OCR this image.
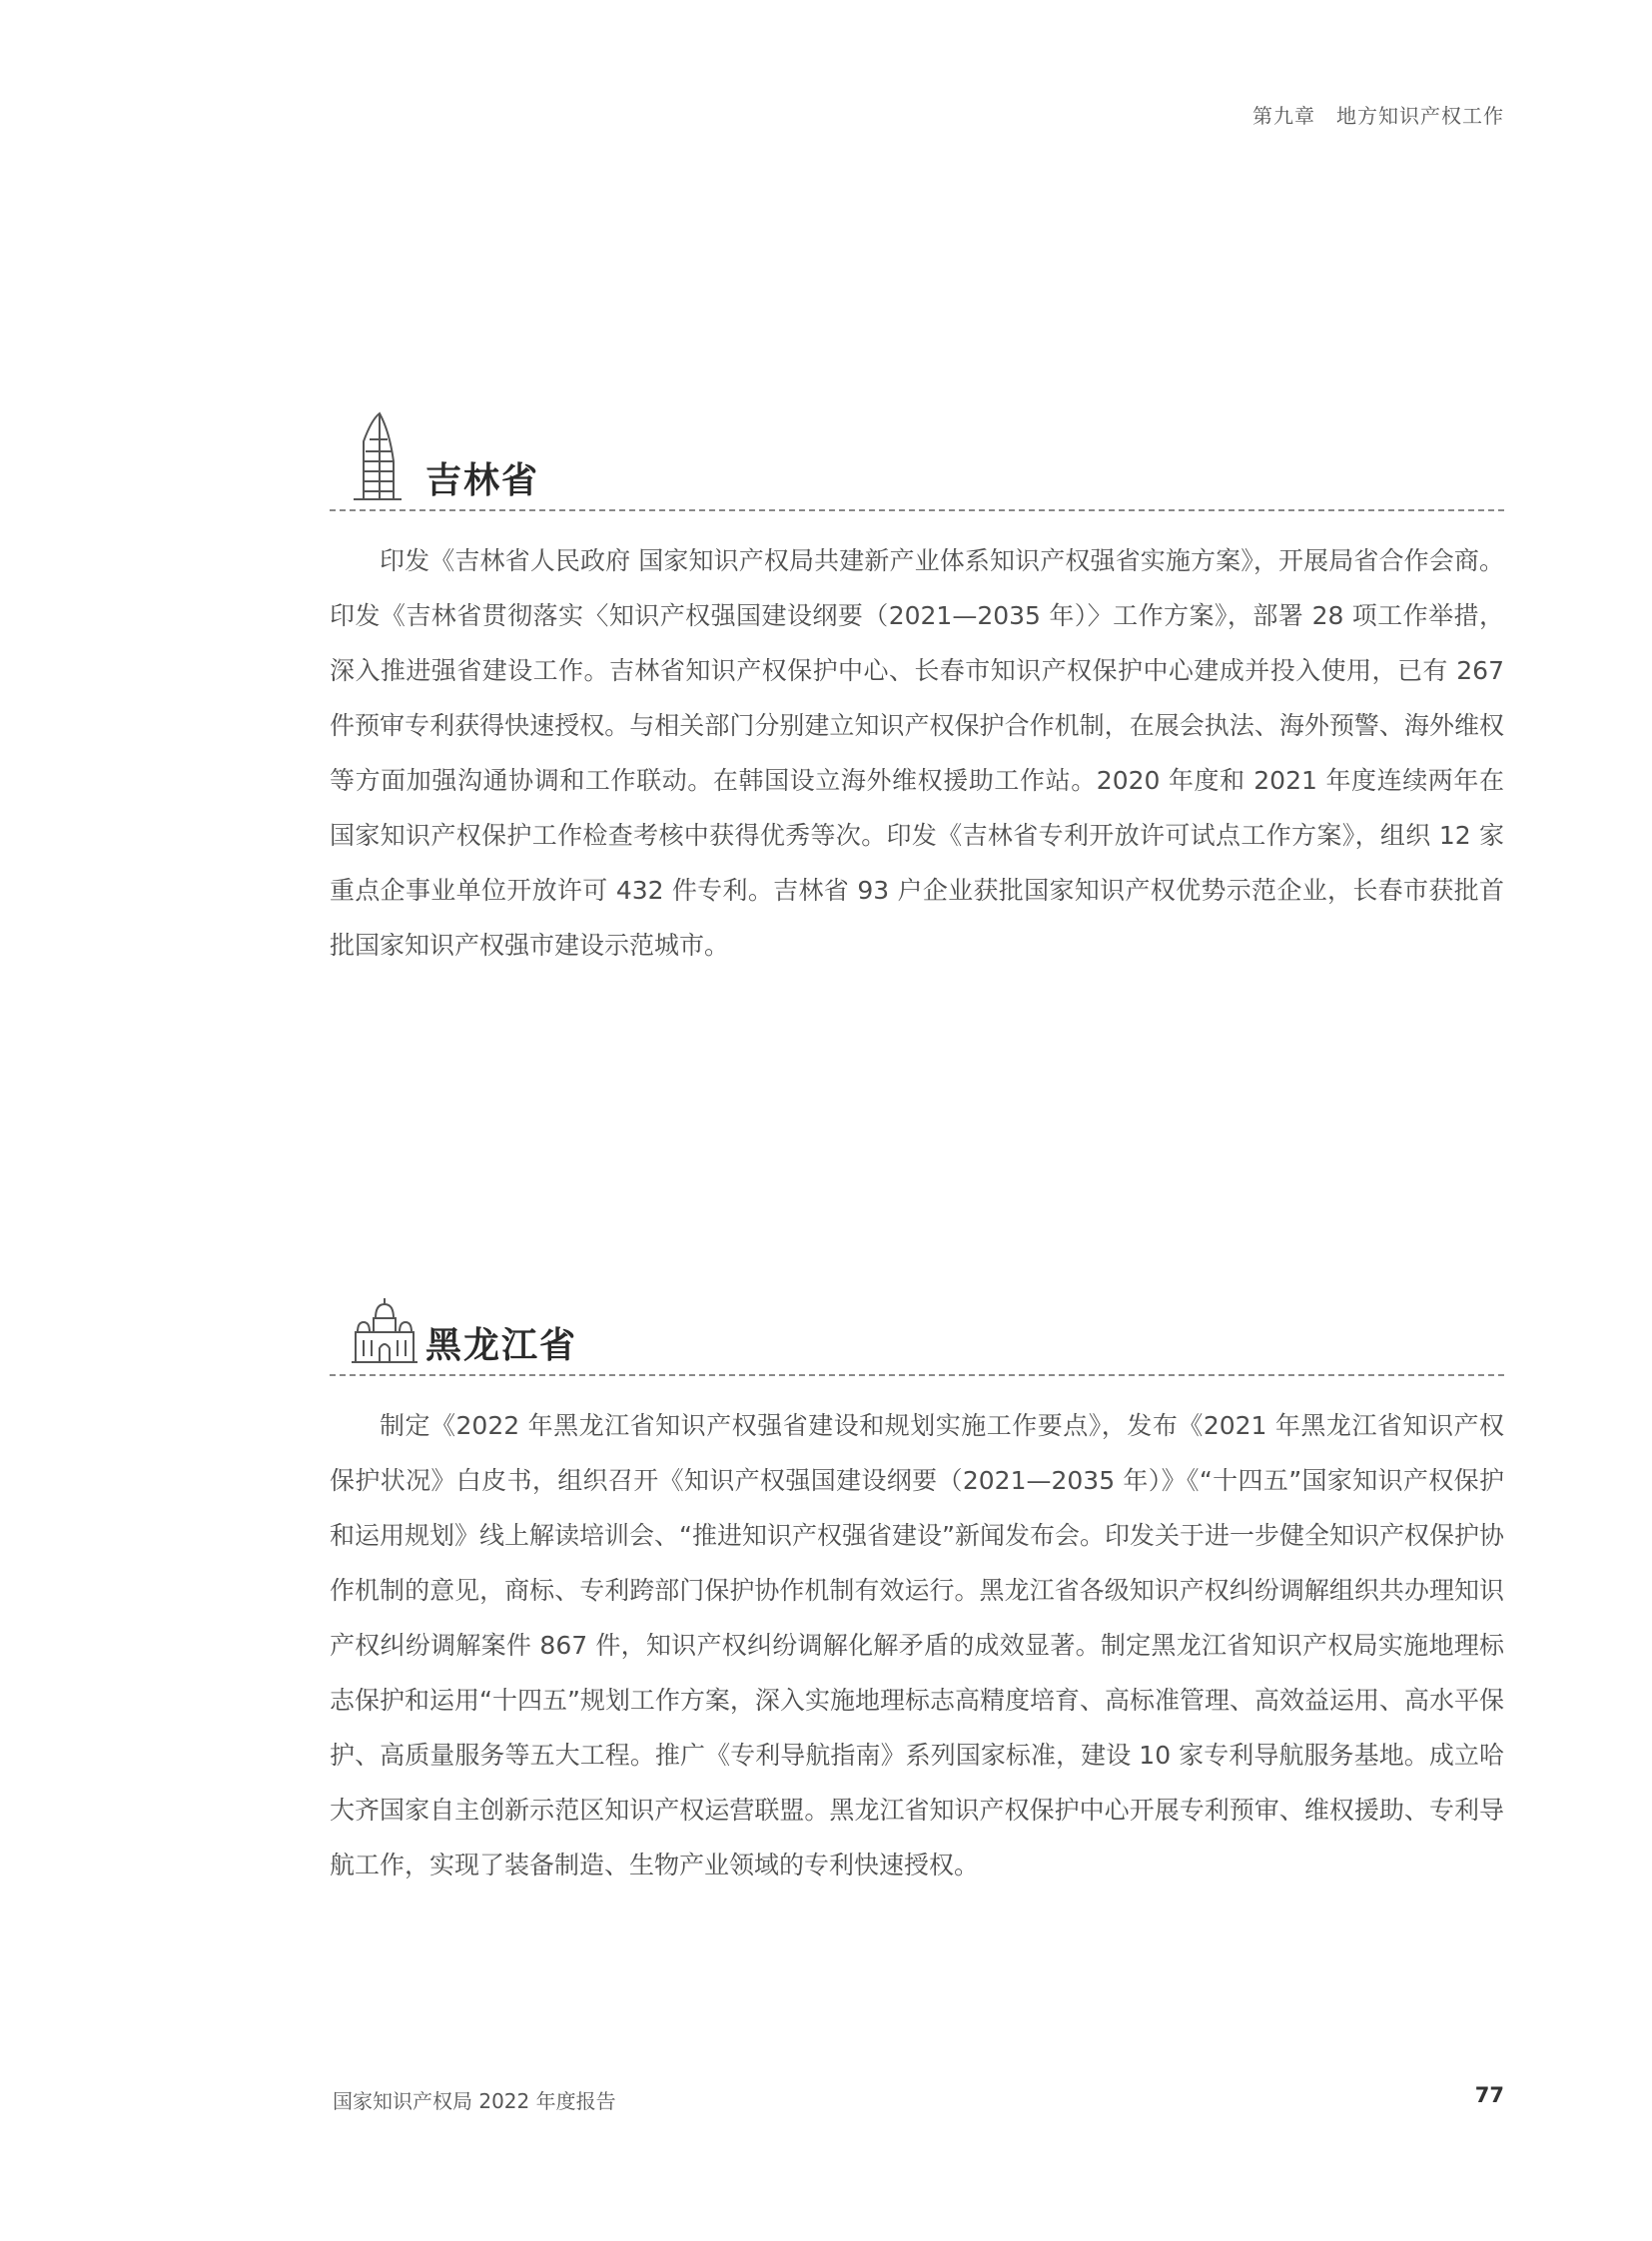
第九章　地方知识产权工作
吉林省

印发《吉林省人民政府 国家知识产权局共建新产业体系知识产权强省实施方案》，开展局省合作会商。印发《吉林省贯彻落实〈知识产权强国建设纲要（2021—2035 年）〉工作方案》，部署 28 项工作举措，深入推进强省建设工作。吉林省知识产权保护中心、长春市知识产权保护中心建成并投入使用，已有 267 件预审专利获得快速授权。与相关部门分别建立知识产权保护合作机制，在展会执法、海外预警、海外维权等方面加强沟通协调和工作联动。在韩国设立海外维权援助工作站。2020 年度和 2021 年度连续两年在国家知识产权保护工作检查考核中获得优秀等次。印发《吉林省专利开放许可试点工作方案》，组织 12 家重点企事业单位开放许可 432 件专利。吉林省 93 户企业获批国家知识产权优势示范企业，长春市获批首批国家知识产权强市建设示范城市。

黑龙江省

制定《2022 年黑龙江省知识产权强省建设和规划实施工作要点》，发布《2021 年黑龙江省知识产权保护状况》白皮书，组织召开《知识产权强国建设纲要（2021—2035 年）》《“十四五”国家知识产权保护和运用规划》线上解读培训会、“推进知识产权强省建设”新闻发布会。印发关于进一步健全知识产权保护协作机制的意见，商标、专利跨部门保护协作机制有效运行。黑龙江省各级知识产权纠纷调解组织共办理知识产权纠纷调解案件 867 件，知识产权纠纷调解化解矛盾的成效显著。制定黑龙江省知识产权局实施地理标志保护和运用“十四五”规划工作方案，深入实施地理标志高精度培育、高标准管理、高效益运用、高水平保护、高质量服务等五大工程。推广《专利导航指南》系列国家标准，建设 10 家专利导航服务基地。成立哈大齐国家自主创新示范区知识产权运营联盟。黑龙江省知识产权保护中心开展专利预审、维权援助、专利导航工作，实现了装备制造、生物产业领域的专利快速授权。

国家知识产权局 2022 年度报告	77
